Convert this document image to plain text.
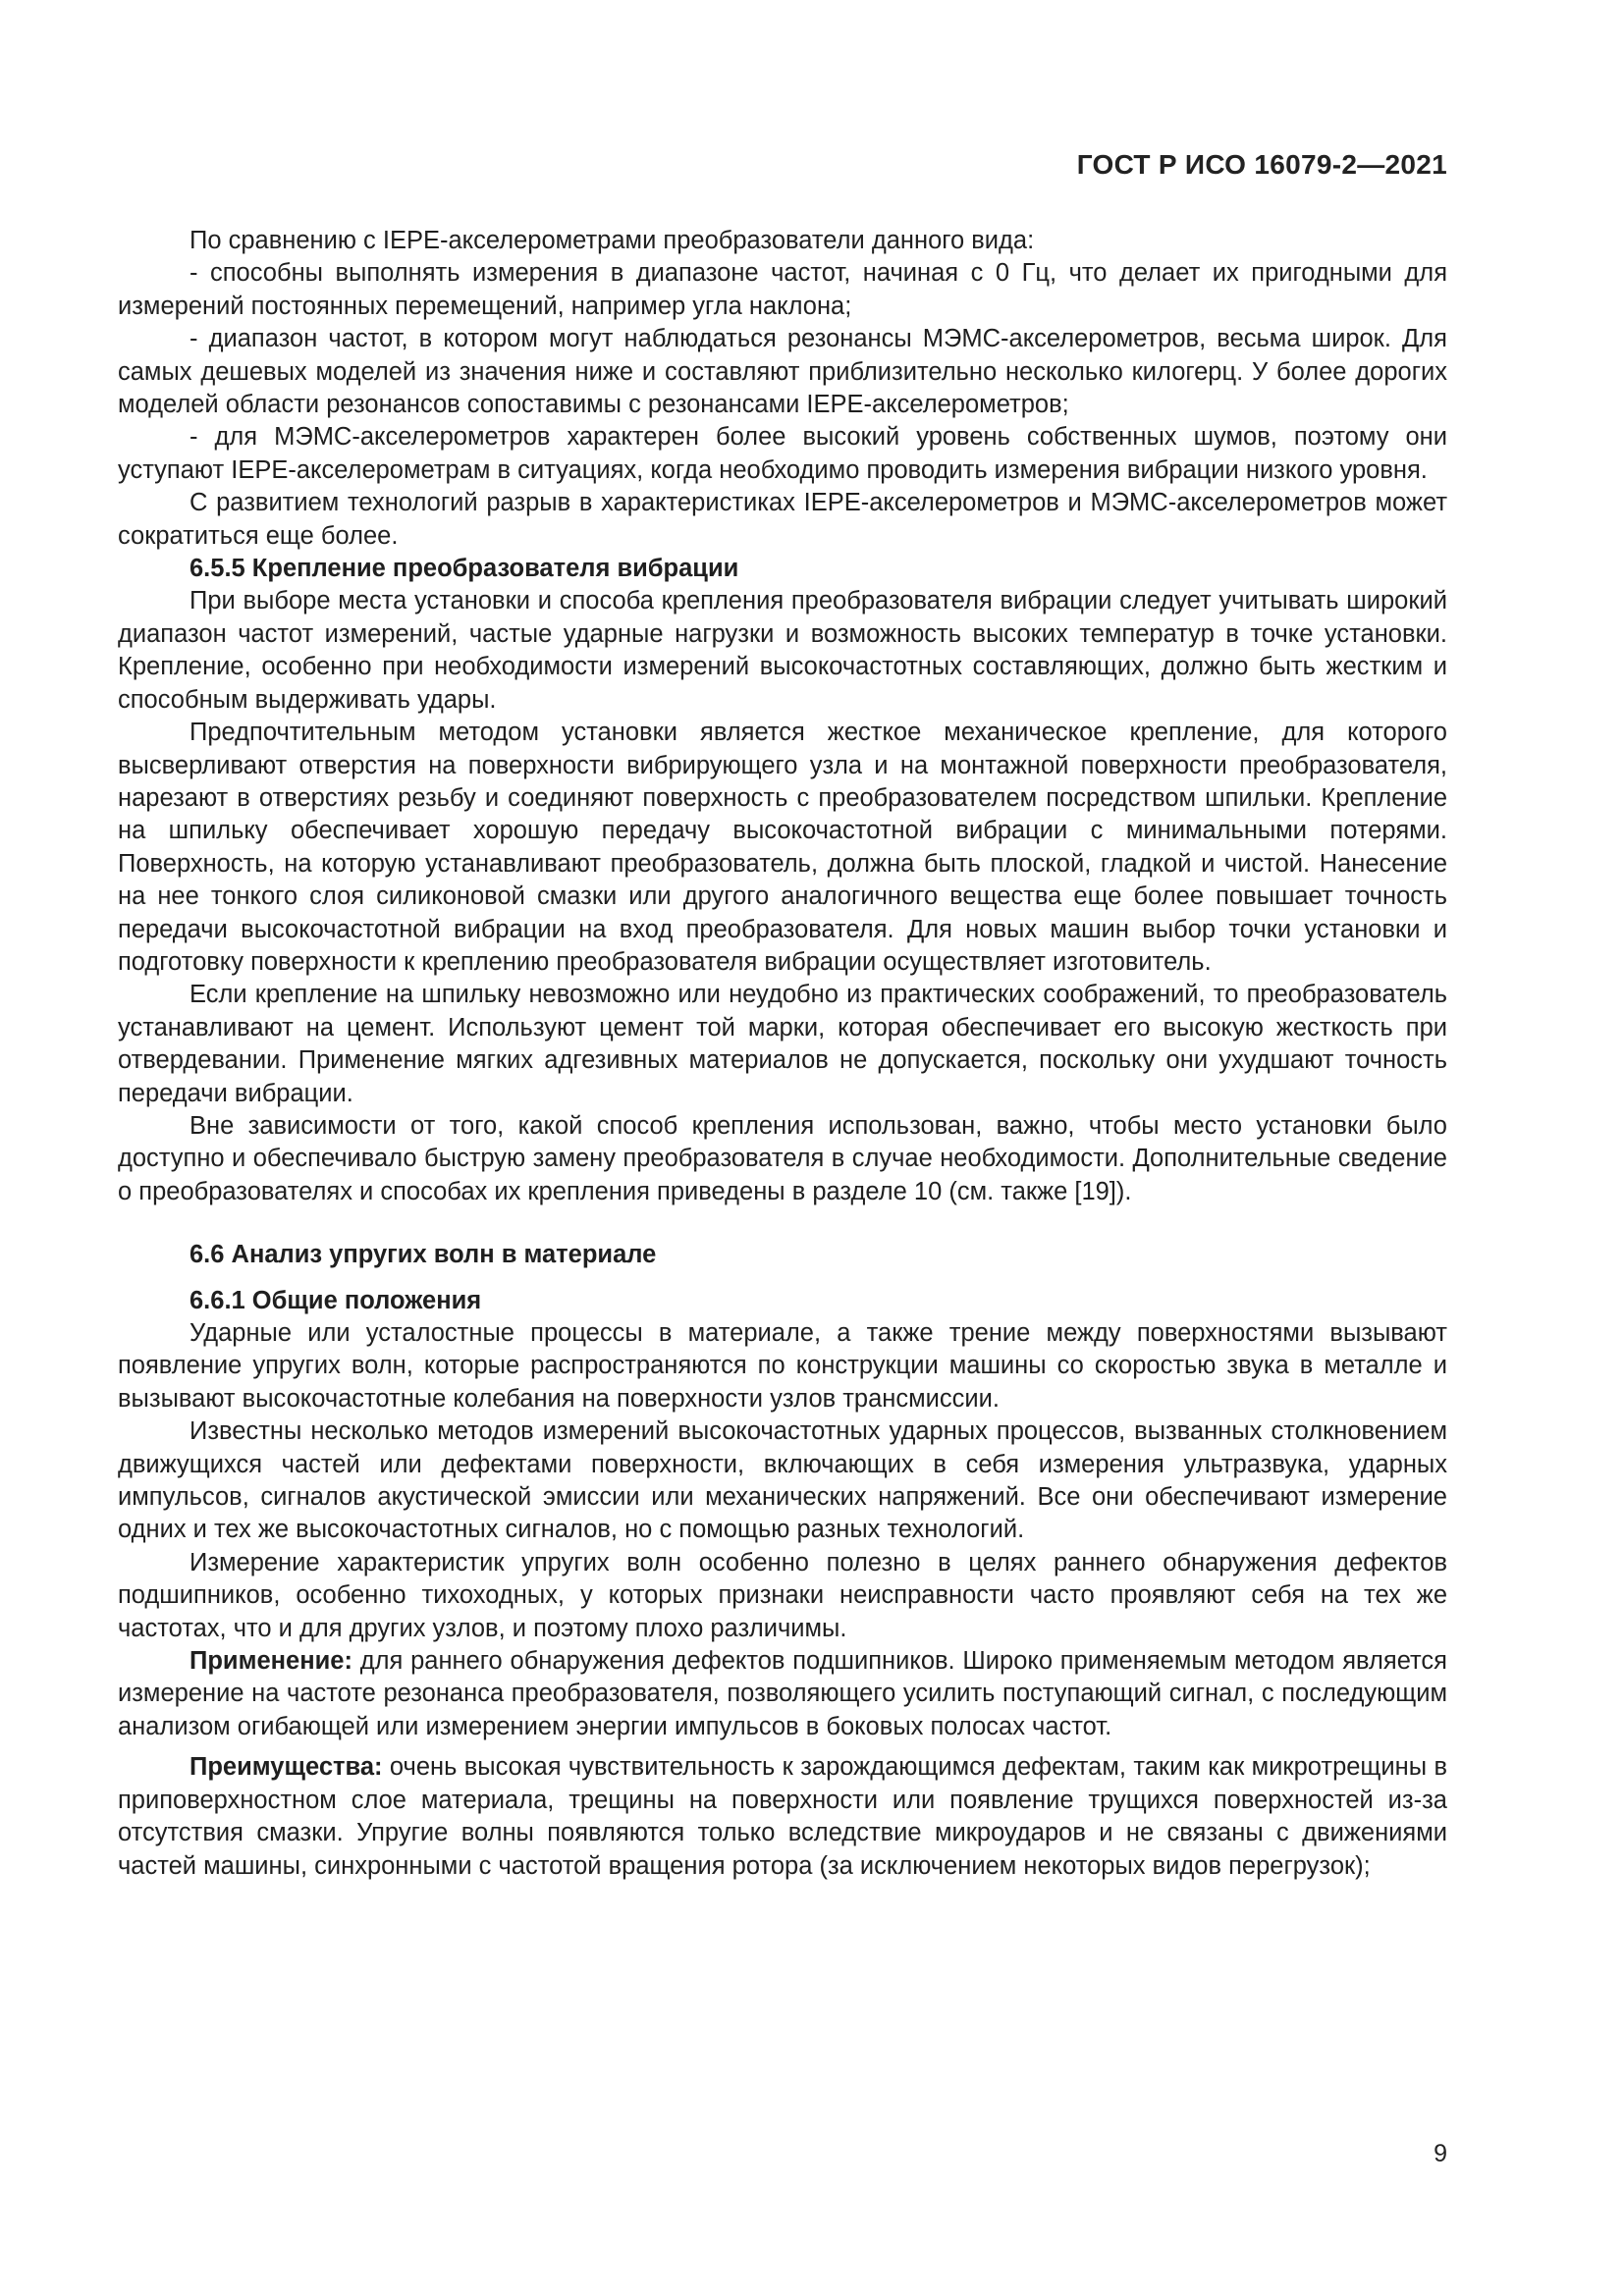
ГОСТ Р ИСО 16079-2—2021

По сравнению с IEPE-акселерометрами преобразователи данного вида:

- способны выполнять измерения в диапазоне частот, начиная с 0 Гц, что делает их пригодными для измерений постоянных перемещений, например угла наклона;

- диапазон частот, в котором могут наблюдаться резонансы МЭМС-акселерометров, весьма широк. Для самых дешевых моделей из значения ниже и составляют приблизительно несколько килогерц. У более дорогих моделей области резонансов сопоставимы с резонансами IEPE-акселерометров;

- для МЭМС-акселерометров характерен более высокий уровень собственных шумов, поэтому они уступают IEPE-акселерометрам в ситуациях, когда необходимо проводить измерения вибрации низкого уровня.

С развитием технологий разрыв в характеристиках IEPE-акселерометров и МЭМС-акселерометров может сократиться еще более.

6.5.5 Крепление преобразователя вибрации

При выборе места установки и способа крепления преобразователя вибрации следует учитывать широкий диапазон частот измерений, частые ударные нагрузки и возможность высоких температур в точке установки. Крепление, особенно при необходимости измерений высокочастотных составляющих, должно быть жестким и способным выдерживать удары.

Предпочтительным методом установки является жесткое механическое крепление, для которого высверливают отверстия на поверхности вибрирующего узла и на монтажной поверхности преобразователя, нарезают в отверстиях резьбу и соединяют поверхность с преобразователем посредством шпильки. Крепление на шпильку обеспечивает хорошую передачу высокочастотной вибрации с минимальными потерями. Поверхность, на которую устанавливают преобразователь, должна быть плоской, гладкой и чистой. Нанесение на нее тонкого слоя силиконовой смазки или другого аналогичного вещества еще более повышает точность передачи высокочастотной вибрации на вход преобразователя. Для новых машин выбор точки установки и подготовку поверхности к креплению преобразователя вибрации осуществляет изготовитель.

Если крепление на шпильку невозможно или неудобно из практических соображений, то преобразователь устанавливают на цемент. Используют цемент той марки, которая обеспечивает его высокую жесткость при отвердевании. Применение мягких адгезивных материалов не допускается, поскольку они ухудшают точность передачи вибрации.

Вне зависимости от того, какой способ крепления использован, важно, чтобы место установки было доступно и обеспечивало быструю замену преобразователя в случае необходимости. Дополнительные сведение о преобразователях и способах их крепления приведены в разделе 10 (см. также [19]).

6.6 Анализ упругих волн в материале
6.6.1 Общие положения

Ударные или усталостные процессы в материале, а также трение между поверхностями вызывают появление упругих волн, которые распространяются по конструкции машины со скоростью звука в металле и вызывают высокочастотные колебания на поверхности узлов трансмиссии.

Известны несколько методов измерений высокочастотных ударных процессов, вызванных столкновением движущихся частей или дефектами поверхности, включающих в себя измерения ультразвука, ударных импульсов, сигналов акустической эмиссии или механических напряжений. Все они обеспечивают измерение одних и тех же высокочастотных сигналов, но с помощью разных технологий.

Измерение характеристик упругих волн особенно полезно в целях раннего обнаружения дефектов подшипников, особенно тихоходных, у которых признаки неисправности часто проявляют себя на тех же частотах, что и для других узлов, и поэтому плохо различимы.

Применение: для раннего обнаружения дефектов подшипников. Широко применяемым методом является измерение на частоте резонанса преобразователя, позволяющего усилить поступающий сигнал, с последующим анализом огибающей или измерением энергии импульсов в боковых полосах частот.

Преимущества: очень высокая чувствительность к зарождающимся дефектам, таким как микротрещины в приповерхностном слое материала, трещины на поверхности или появление трущихся поверхностей из-за отсутствия смазки. Упругие волны появляются только вследствие микроударов и не связаны с движениями частей машины, синхронными с частотой вращения ротора (за исключением некоторых видов перегрузок);

9
